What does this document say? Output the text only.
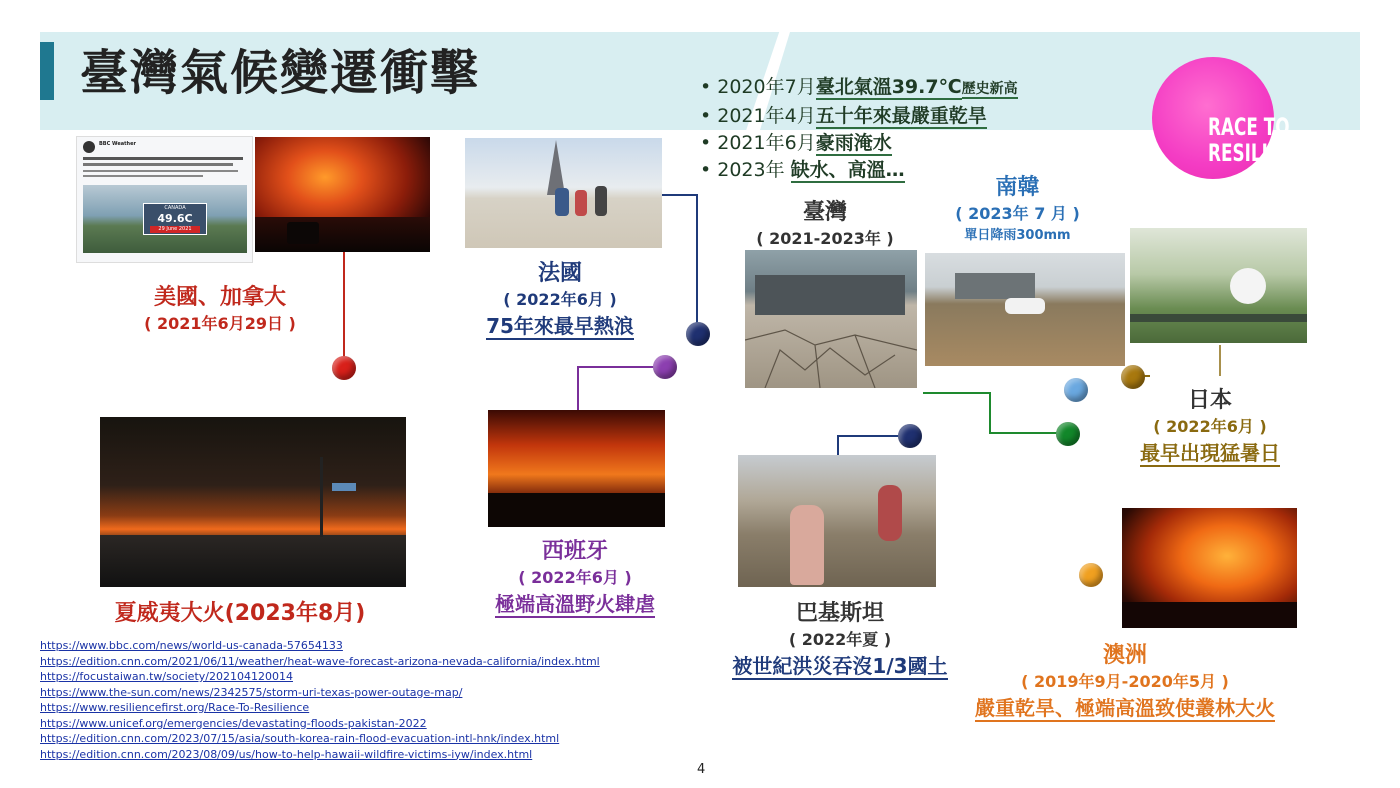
臺灣氣候變遷衝擊	• 2020年7月臺北氣溫39.7℃歷史新高
• 2021年4月五十年來最嚴重乾旱
• 2021年6月豪雨淹水
• 2023年 缺水、高溫…
RACE TO
RESILIENCE
BBC Weather
CANADA
49.6C
29 June 2021
美國、加拿大
( 2021年6月29日 )
法國
( 2022年6月 )
75年來最早熱浪
臺灣
( 2021-2023年 )
南韓
( 2023年 7 月 )
單日降雨300mm
日本
( 2022年6月 )
最早出現猛暑日
夏威夷大火(2023年8月)
西班牙
( 2022年6月 )
極端高溫野火肆虐	巴基斯坦
( 2022年夏 )
被世紀洪災吞沒1/3國土	澳洲
( 2019年9月-2020年5月 )
嚴重乾旱、極端高溫致使叢林大火
https://www.bbc.com/news/world-us-canada-57654133
https://edition.cnn.com/2021/06/11/weather/heat-wave-forecast-arizona-nevada-california/index.html
https://focustaiwan.tw/society/202104120014
https://www.the-sun.com/news/2342575/storm-uri-texas-power-outage-map/
https://www.resiliencefirst.org/Race-To-Resilience
https://www.unicef.org/emergencies/devastating-floods-pakistan-2022
https://edition.cnn.com/2023/07/15/asia/south-korea-rain-flood-evacuation-intl-hnk/index.html
https://edition.cnn.com/2023/08/09/us/how-to-help-hawaii-wildfire-victims-iyw/index.html
4
